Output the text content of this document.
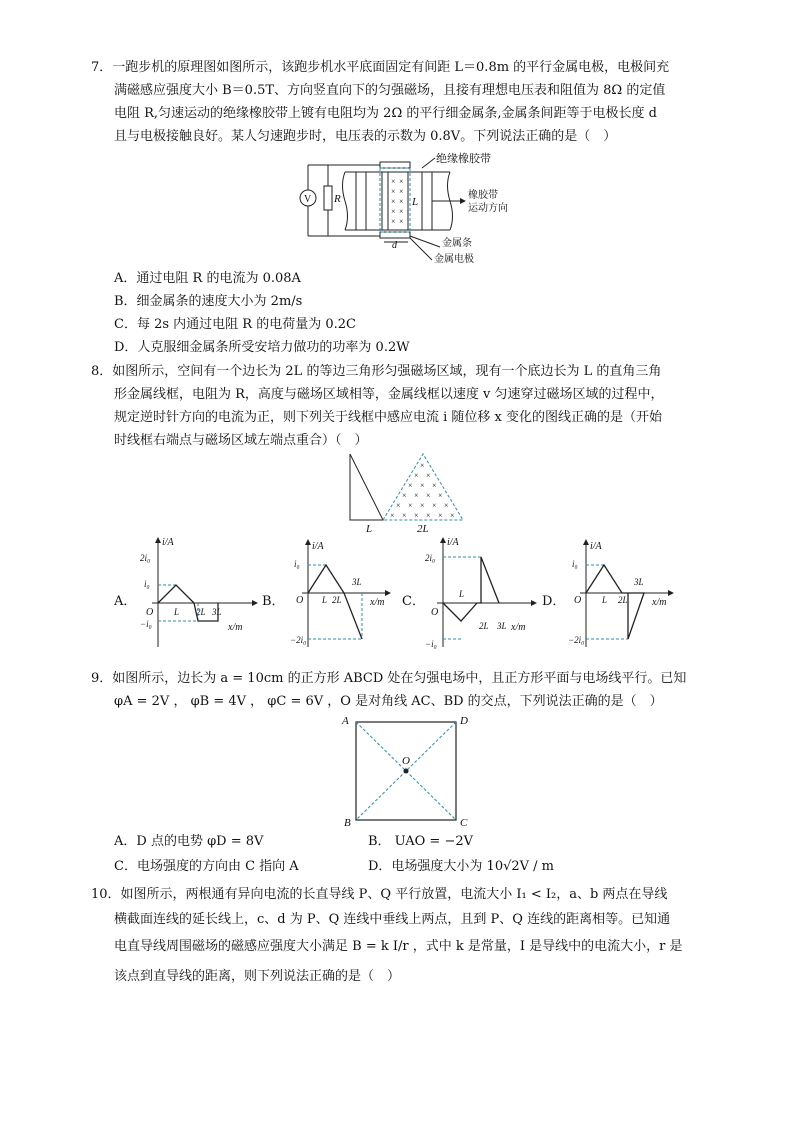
7．一跑步机的原理图如图所示，该跑步机水平底面固定有间距 L＝0.8m 的平行金属电极，电极间充
满磁感应强度大小 B＝0.5T、方向竖直向下的匀强磁场，且接有理想电压表和阻值为 8Ω 的定值
电阻 R,匀速运动的绝缘橡胶带上镀有电阻均为 2Ω 的平行细金属条,金属条间距等于电极长度 d
且与电极接触良好。某人匀速跑步时，电压表的示数为 0.8V。下列说法正确的是（　）
V R
× ×
× ×
× ×
× ×
× ×
L
d
绝缘橡胶带
橡胶带
运动方向
金属条
金属电极
A．通过电阻 R 的电流为 0.08A
B．细金属条的速度大小为 2m/s
C．每 2s 内通过电阻 R 的电荷量为 0.2C
D．人克服细金属条所受安培力做功的功率为 0.2W
8．如图所示，空间有一个边长为 2L 的等边三角形匀强磁场区域，现有一个底边长为 L 的直角三角
形金属线框，电阻为 R，高度与磁场区域相等，金属线框以速度 v 匀速穿过磁场区域的过程中，
规定逆时针方向的电流为正，则下列关于线框中感应电流 i 随位移 x 变化的图线正确的是（开始
时线框右端点与磁场区域左端点重合）（　）
×
× ×
× × ×
× × × ×
× × × × ×
× × × × × ×
L	2L
A．
i/A
x/m
O
2i₀
i₀
−i₀
L 2L 3L
B．
i/A
x/m
O
i₀
−2i₀
L 2L
3L
C．
i/A
x/m
O
2i₀
−i₀
L
2L 3L
D．
i/A
x/m
O
i₀
−2i₀
L 2L
3L
9．如图所示，边长为 a = 10cm 的正方形 ABCD 处在匀强电场中，且正方形平面与电场线平行。已知
φA = 2V ， φB = 4V ， φC = 6V ，O 是对角线 AC、BD 的交点，下列说法正确的是（　）
A	D
B	C
O
A．D 点的电势 φD = 8V	B． UAO = −2V
C．电场强度的方向由 C 指向 A	D．电场强度大小为 10√2V / m
10．如图所示，两根通有异向电流的长直导线 P、Q 平行放置，电流大小 I₁ < I₂，a、b 两点在导线
横截面连线的延长线上，c、d 为 P、Q 连线中垂线上两点，且到 P、Q 连线的距离相等。已知通
电直导线周围磁场的磁感应强度大小满足 B = k I/r ，式中 k 是常量，I 是导线中的电流大小，r 是
该点到直导线的距离，则下列说法正确的是（　）
